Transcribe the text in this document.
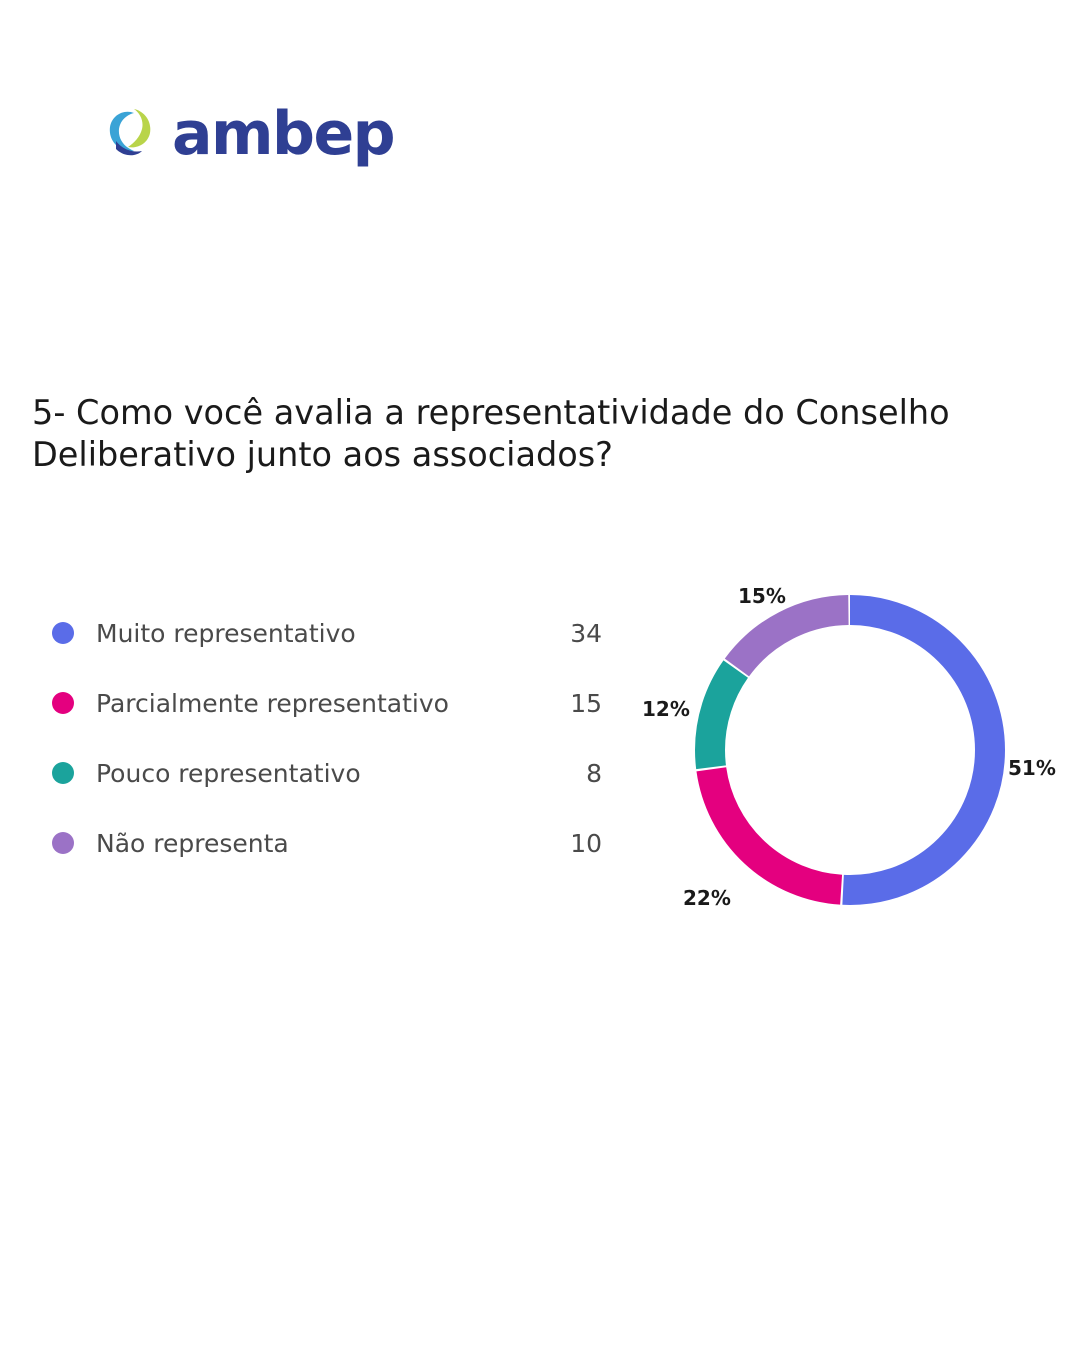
ambep
5- Como você avalia a representatividade do Conselho Deliberativo junto aos associados?
Muito representativo	34
Parcialmente representativo	15
Pouco representativo	8
Não representa	10
51%
22%
12%
15%
